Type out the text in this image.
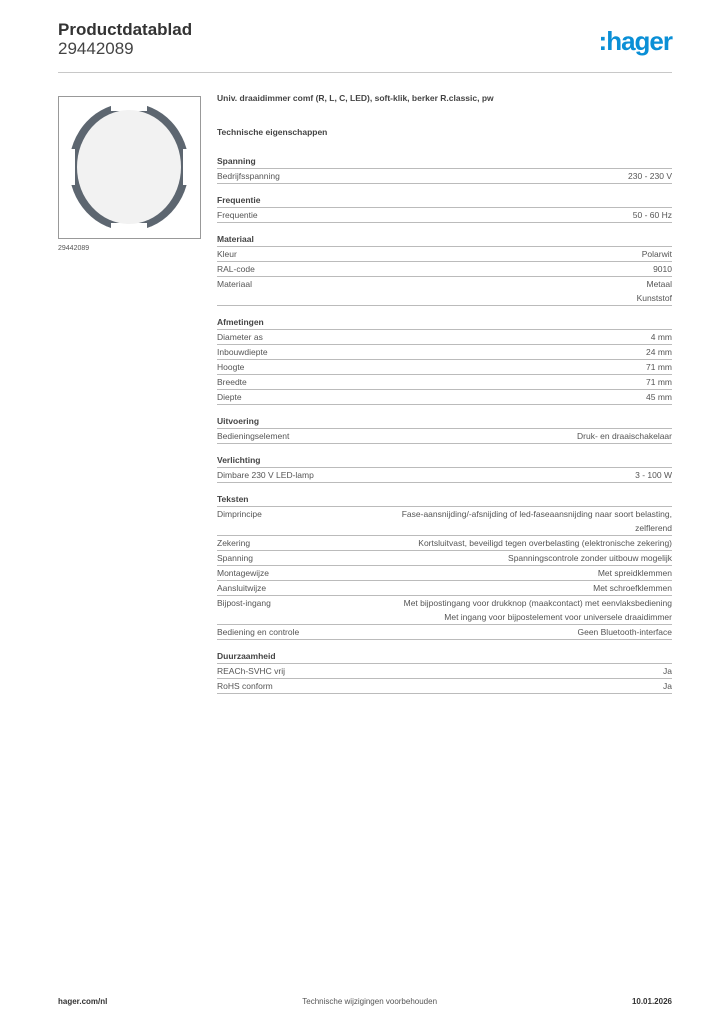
Productdatablad
29442089	:hager
29442089
Univ. draaidimmer comf (R, L, C, LED), soft-klik, berker R.classic, pw
Technische eigenschappen
Spanning
Bedrijfsspanning	230 - 230 V
Frequentie
Frequentie	50 - 60 Hz
Materiaal
Kleur	Polarwit
RAL-code	9010
Materiaal	Metaal
Kunststof
Afmetingen
Diameter as	4 mm
Inbouwdiepte	24 mm
Hoogte	71 mm
Breedte	71 mm
Diepte	45 mm
Uitvoering
Bedieningselement	Druk- en draaischakelaar
Verlichting
Dimbare 230 V LED-lamp	3 - 100 W
Teksten
Dimprincipe	Fase-aansnijding/-afsnijding of led-faseaansnijding naar soort belasting,
zelflerend
Zekering	Kortsluitvast, beveiligd tegen overbelasting (elektronische zekering)
Spanning	Spanningscontrole zonder uitbouw mogelijk
Montagewijze	Met spreidklemmen
Aansluitwijze	Met schroefklemmen
Bijpost-ingang	Met bijpostingang voor drukknop (maakcontact) met eenvlaksbediening
Met ingang voor bijpostelement voor universele draaidimmer
Bediening en controle	Geen Bluetooth-interface
Duurzaamheid
REACh-SVHC vrij	Ja
RoHS conform	Ja
hager.com/nl	Technische wijzigingen voorbehouden	10.01.2026
